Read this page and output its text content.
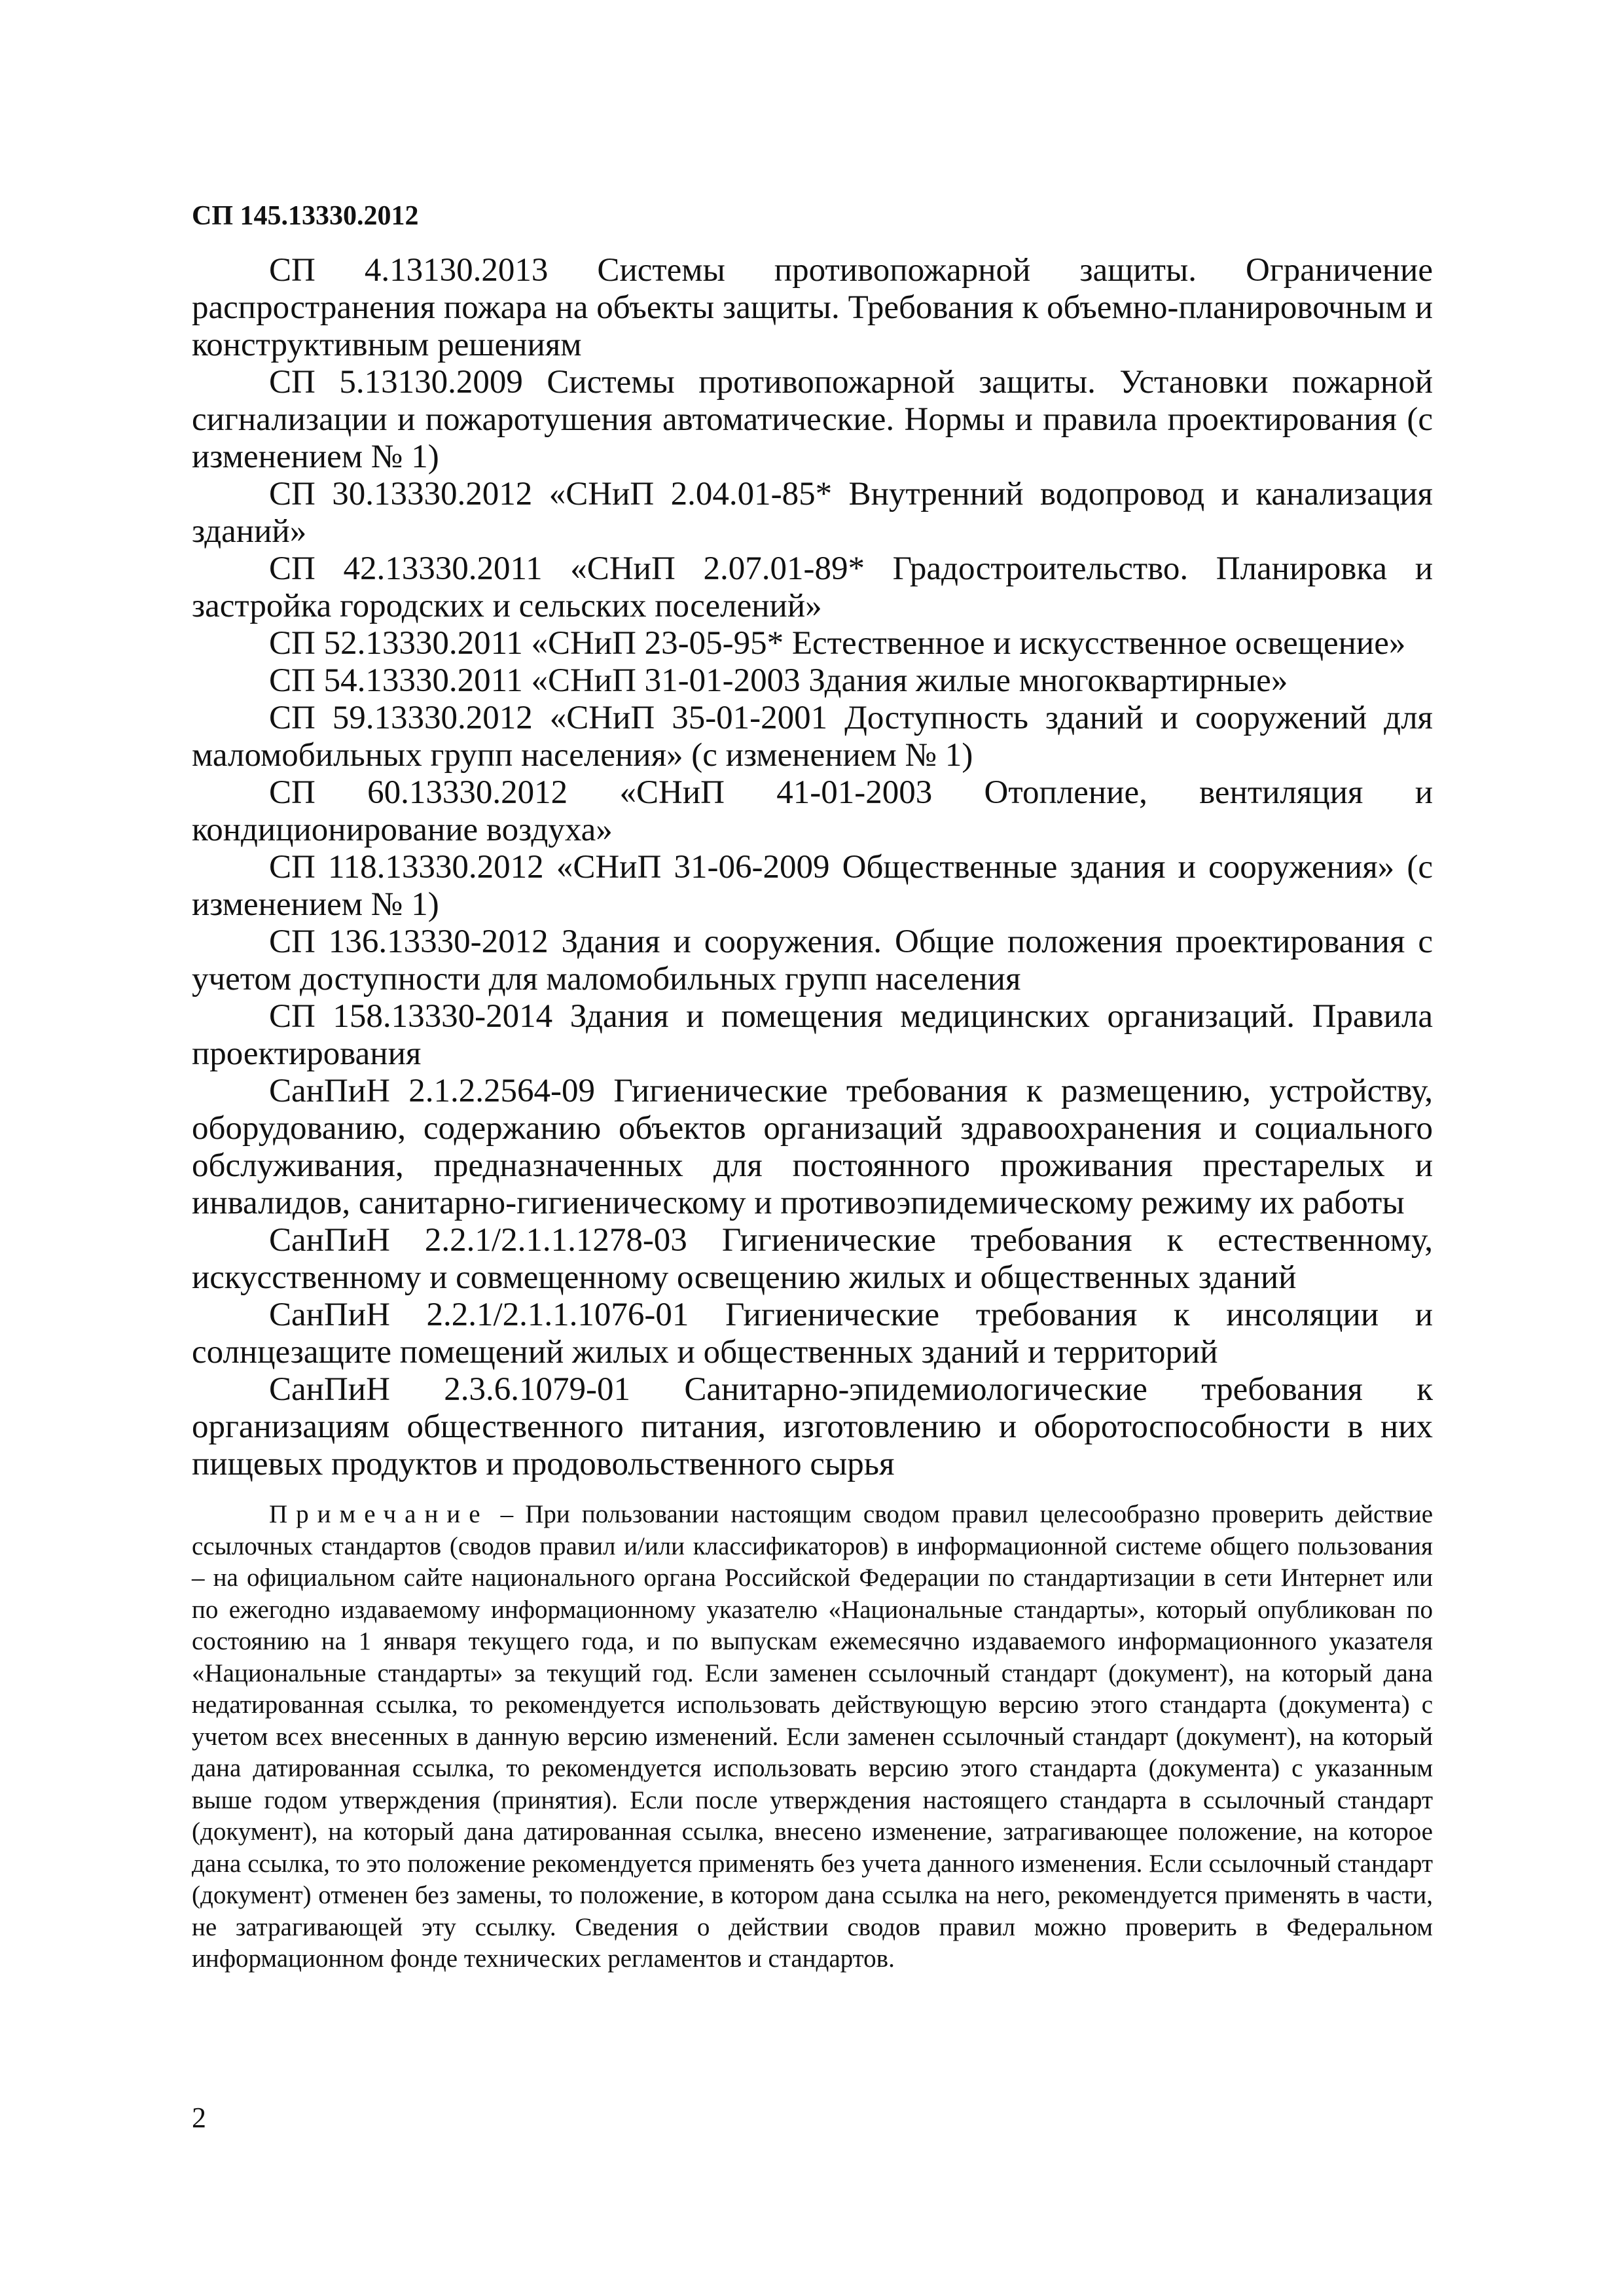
СП 145.13330.2012

СП 4.13130.2013 Системы противопожарной защиты. Ограничение распространения пожара на объекты защиты. Требования к объемно-планировочным и конструктивным решениям

СП 5.13130.2009 Системы противопожарной защиты. Установки пожарной сигнализации и пожаротушения автоматические. Нормы и правила проектирования (с изменением № 1)

СП 30.13330.2012 «СНиП 2.04.01-85* Внутренний водопровод и канализация зданий»

СП 42.13330.2011 «СНиП 2.07.01-89* Градостроительство. Планировка и застройка городских и сельских поселений»

СП 52.13330.2011 «СНиП 23-05-95* Естественное и искусственное освещение»

СП 54.13330.2011 «СНиП 31-01-2003 Здания жилые многоквартирные»

СП 59.13330.2012 «СНиП 35-01-2001 Доступность зданий и сооружений для маломобильных групп населения» (с изменением № 1)

СП 60.13330.2012 «СНиП 41-01-2003 Отопление, вентиляция и кондиционирование воздуха»

СП 118.13330.2012 «СНиП 31-06-2009 Общественные здания и сооружения» (с изменением № 1)

СП 136.13330-2012 Здания и сооружения. Общие положения проектирования с учетом доступности для маломобильных групп населения

СП 158.13330-2014 Здания и помещения медицинских организаций. Правила проектирования

СанПиН 2.1.2.2564-09 Гигиенические требования к размещению, устройству, оборудованию, содержанию объектов организаций здравоохранения и социального обслуживания, предназначенных для постоянного проживания престарелых и инвалидов, санитарно-гигиеническому и противоэпидемическому режиму их работы

СанПиН 2.2.1/2.1.1.1278-03 Гигиенические требования к естественному, искусственному и совмещенному освещению жилых и общественных зданий

СанПиН 2.2.1/2.1.1.1076-01 Гигиенические требования к инсоляции и солнцезащите помещений жилых и общественных зданий и территорий

СанПиН 2.3.6.1079-01 Санитарно-эпидемиологические требования к организациям общественного питания, изготовлению и оборотоспособности в них пищевых продуктов и продовольственного сырья

Примечание – При пользовании настоящим сводом правил целесообразно проверить действие ссылочных стандартов (сводов правил и/или классификаторов) в информационной системе общего пользования – на официальном сайте национального органа Российской Федерации по стандартизации в сети Интернет или по ежегодно издаваемому информационному указателю «Национальные стандарты», который опубликован по состоянию на 1 января текущего года, и по выпускам ежемесячно издаваемого информационного указателя «Национальные стандарты» за текущий год. Если заменен ссылочный стандарт (документ), на который дана недатированная ссылка, то рекомендуется использовать действующую версию этого стандарта (документа) с учетом всех внесенных в данную версию изменений. Если заменен ссылочный стандарт (документ), на который дана датированная ссылка, то рекомендуется использовать версию этого стандарта (документа) с указанным выше годом утверждения (принятия). Если после утверждения настоящего стандарта в ссылочный стандарт (документ), на который дана датированная ссылка, внесено изменение, затрагивающее положение, на которое дана ссылка, то это положение рекомендуется применять без учета данного изменения. Если ссылочный стандарт (документ) отменен без замены, то положение, в котором дана ссылка на него, рекомендуется применять в части, не затрагивающей эту ссылку. Сведения о действии сводов правил можно проверить в Федеральном информационном фонде технических регламентов и стандартов.

2
